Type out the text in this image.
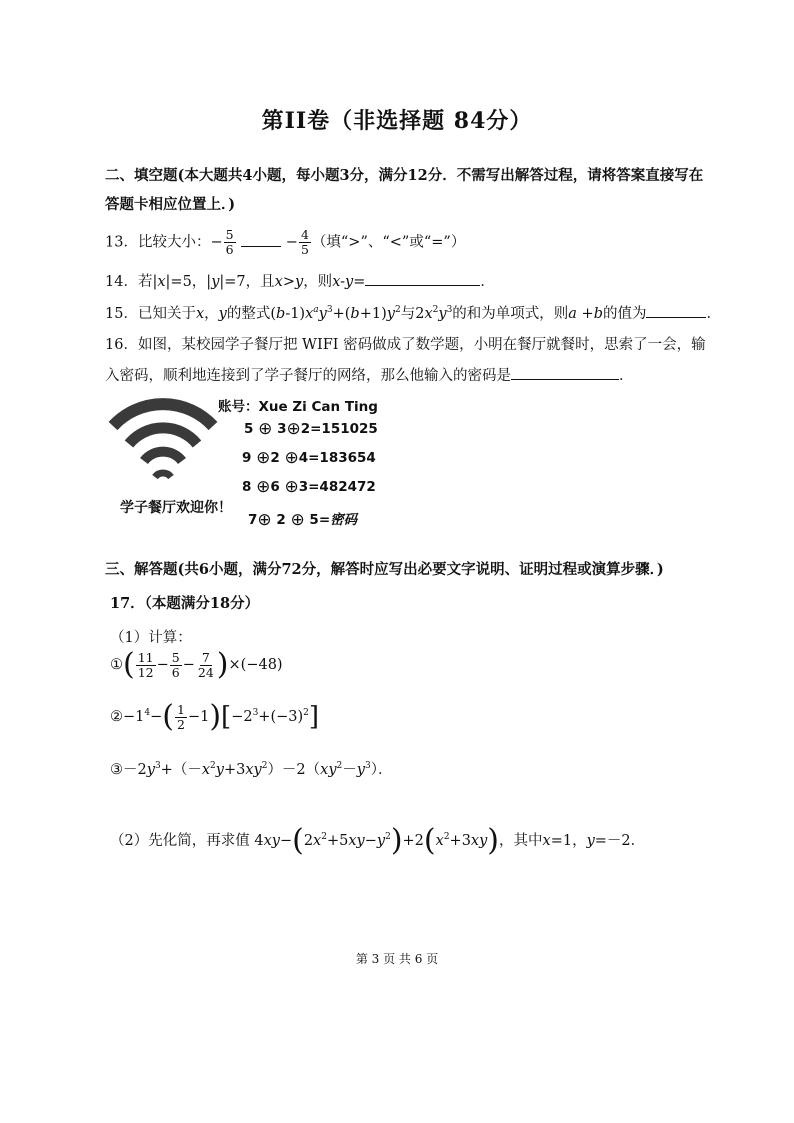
第II卷（非选择题 84分）
二、填空题(本大题共4小题，每小题3分，满分12分．不需写出解答过程，请将答案直接写在
答题卡相应位置上．)
13．比较大小：− $\frac{5}{6}$	− $\frac{4}{5}$ （填“>”、“<”或“=”）
14．若|x|=5，|y|=7，且x>y，则x-y=	．
15．已知关于x，y的整式$(b-1)x^ay^3+(b+1)y^2$与$2x^2y^3$的和为单项式，则a +b的值为	．
16．如图，某校园学子餐厅把 WIFI 密码做成了数学题，小明在餐厅就餐时，思索了一会，输
入密码，顺利地连接到了学子餐厅的网络，那么他输入的密码是	．
学子餐厅欢迎你！
账号：Xue Zi Can Ting
5 ⊕ 3⊕2=151025
9 ⊕2 ⊕4=183654
8 ⊕6 ⊕3=482472
7⊕ 2 ⊕ 5=密码
三、解答题(共6小题，满分72分，解答时应写出必要文字说明、证明过程或演算步骤．)
17．（本题满分18分）
（1）计算：
①( $\frac{11}{12} - \frac{5}{6} - \frac{7}{24} )\times(-48)$
$②-1^4-( \frac{1}{2} -1)[-2^3+(-3)^2]$
$③-2y^3+(-x^2y+3xy^2)-2(xy^2-y^3)$．
（2）先化简，再求值 $4xy-(2x^2+5xy-y^2)+2(x^2+3xy)$，其中x=1，y=－2．
第 3 页 共 6 页
